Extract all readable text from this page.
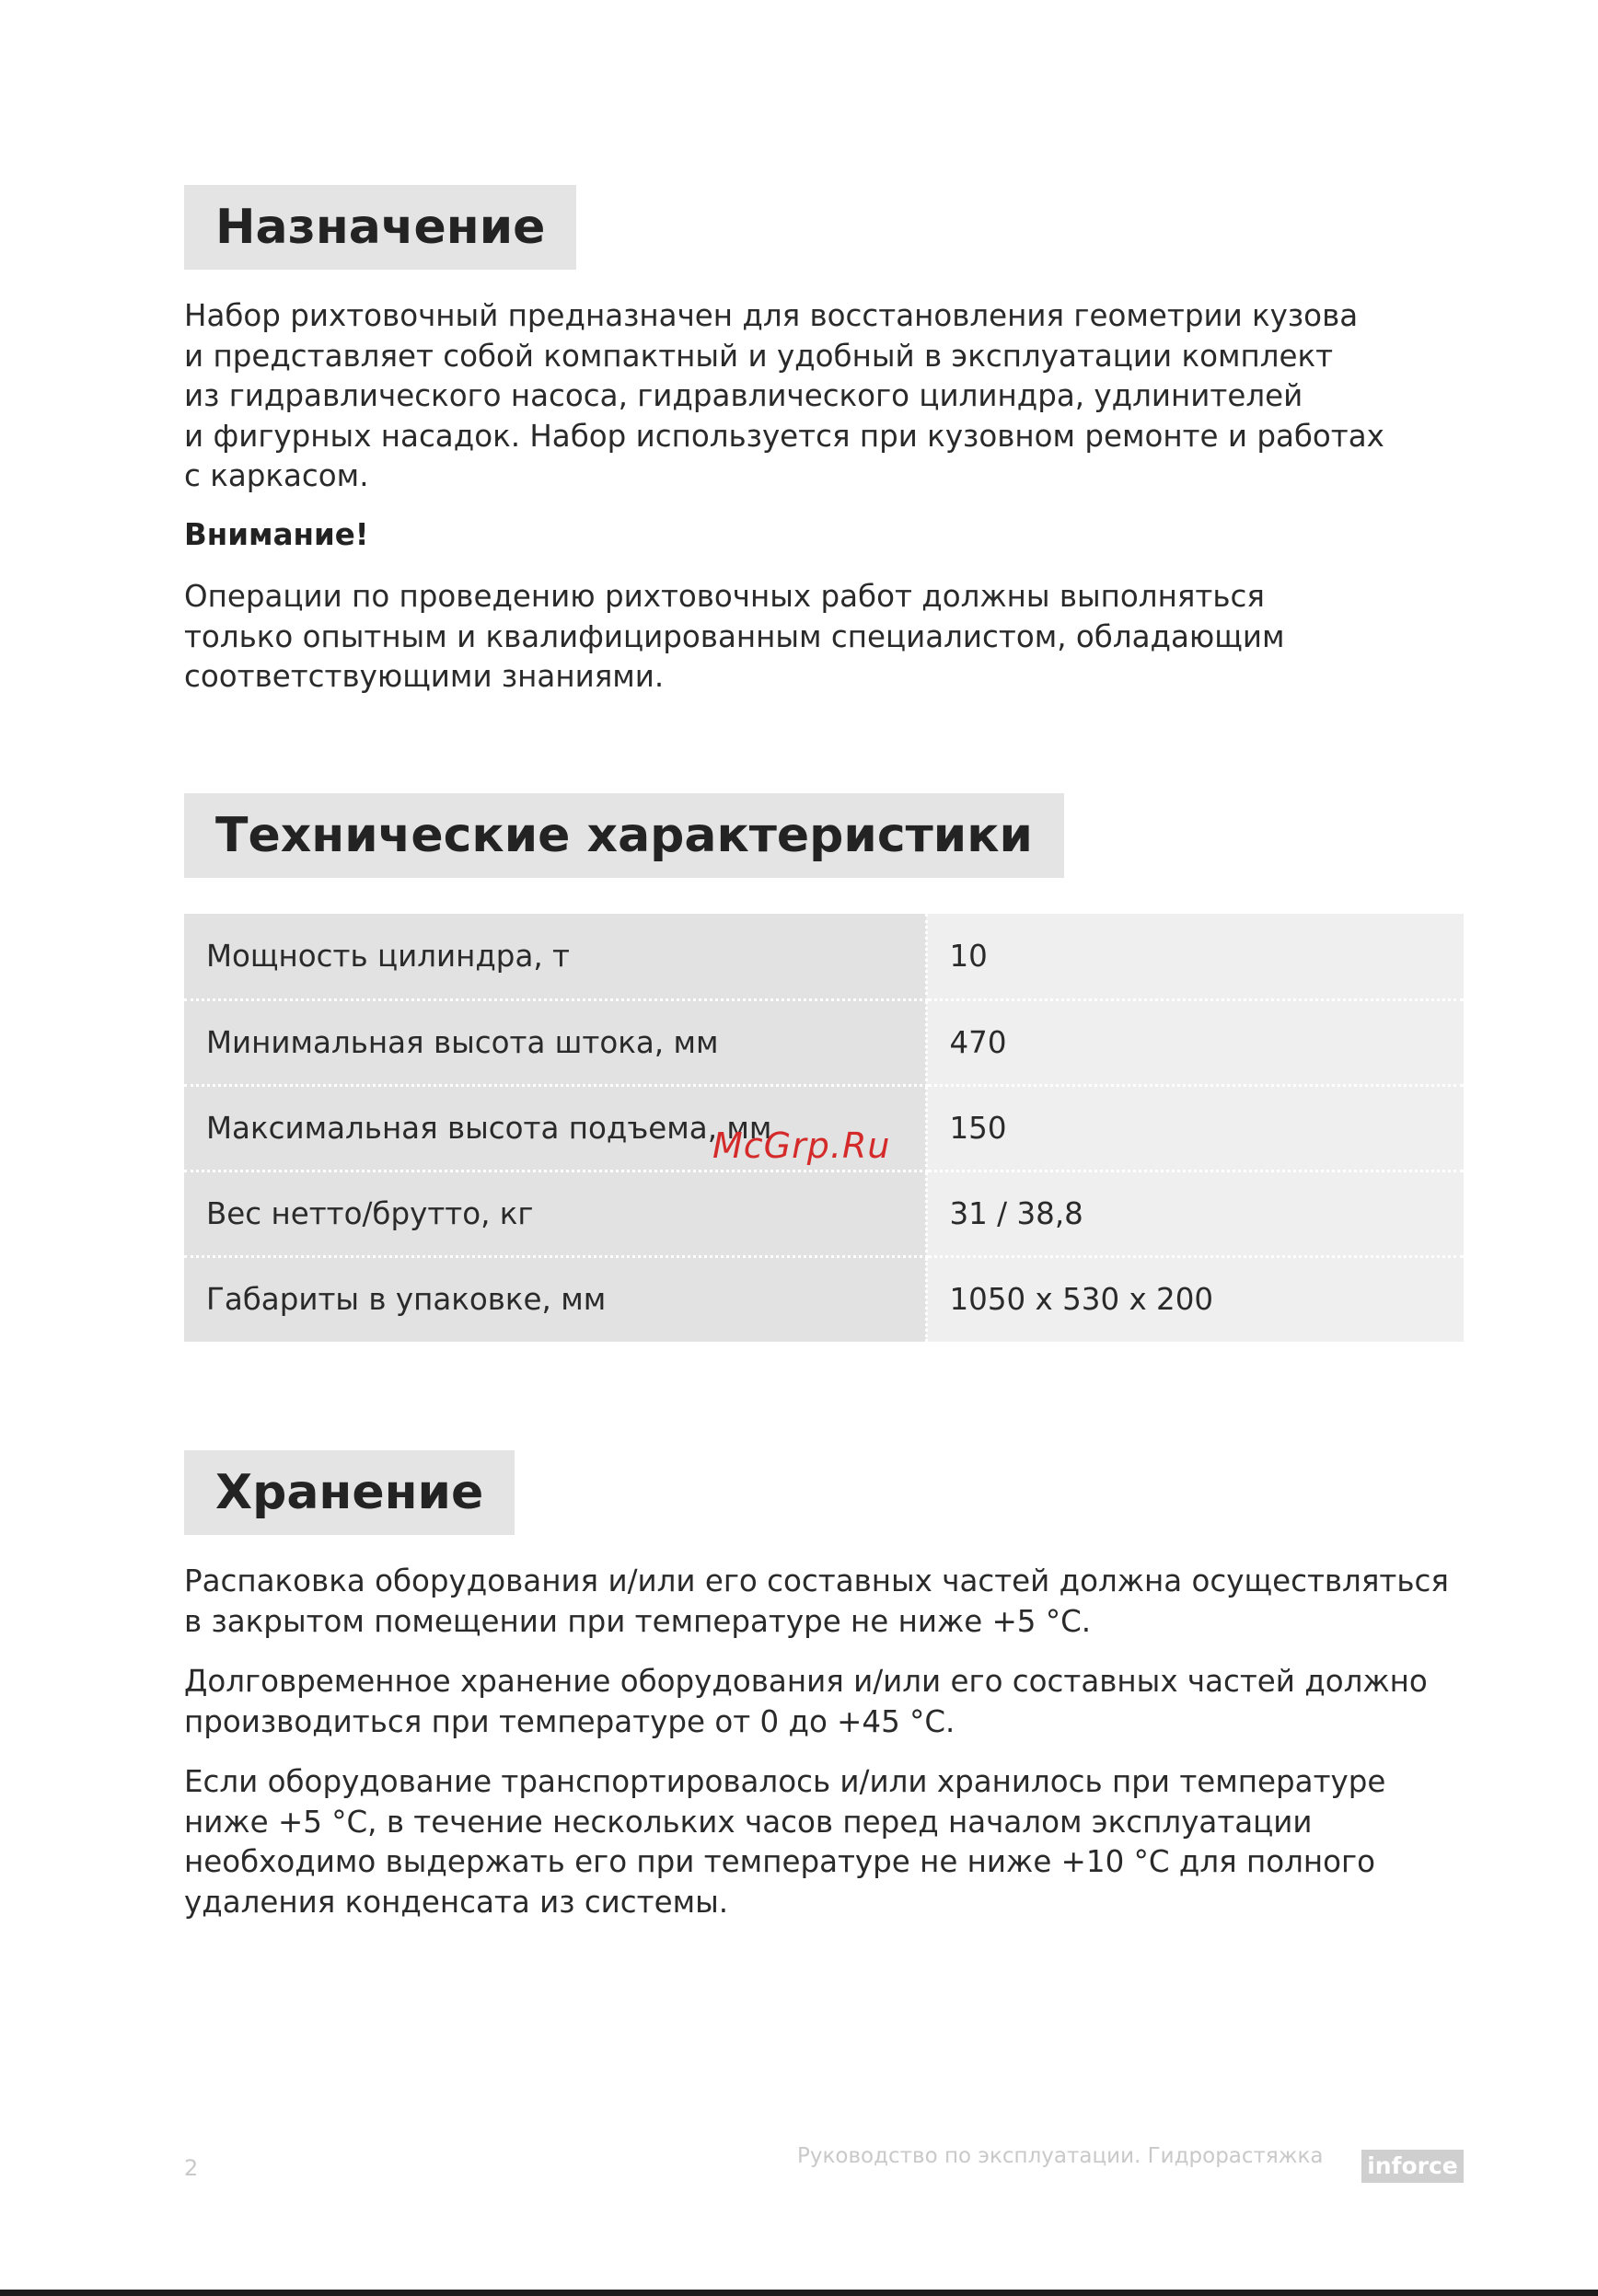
Назначение

Набор рихтовочный предназначен для восстановления геометрии кузова
и представляет собой компактный и удобный в эксплуатации комплект
из гидравлического насоса, гидравлического цилиндра, удлинителей
и фигурных насадок. Набор используется при кузовном ремонте и работах
с каркасом.

Внимание!

Операции по проведению рихтовочных работ должны выполняться
только опытным и квалифицированным специалистом, обладающим
соответствующими знаниями.

Технические характеристики
Мощность цилиндра, т	10
Минимальная высота штока, мм	470
Максимальная высота подъема, мм	150
Вес нетто/брутто, кг	31 / 38,8
Габариты в упаковке, мм	1050 x 530 x 200
McGrp.Ru
Хранение

Распаковка оборудования и/или его составных частей должна осуществляться
в закрытом помещении при температуре не ниже +5 °С.

Долговременное хранение оборудования и/или его составных частей должно
производиться при температуре от 0 до +45 °С.

Если оборудование транспортировалось и/или хранилось при температуре
ниже +5 °С, в течение нескольких часов перед началом эксплуатации
необходимо выдержать его при температуре не ниже +10 °С для полного
удаления конденсата из системы.

2	Руководство по эксплуатации. Гидрорастяжка inforce
